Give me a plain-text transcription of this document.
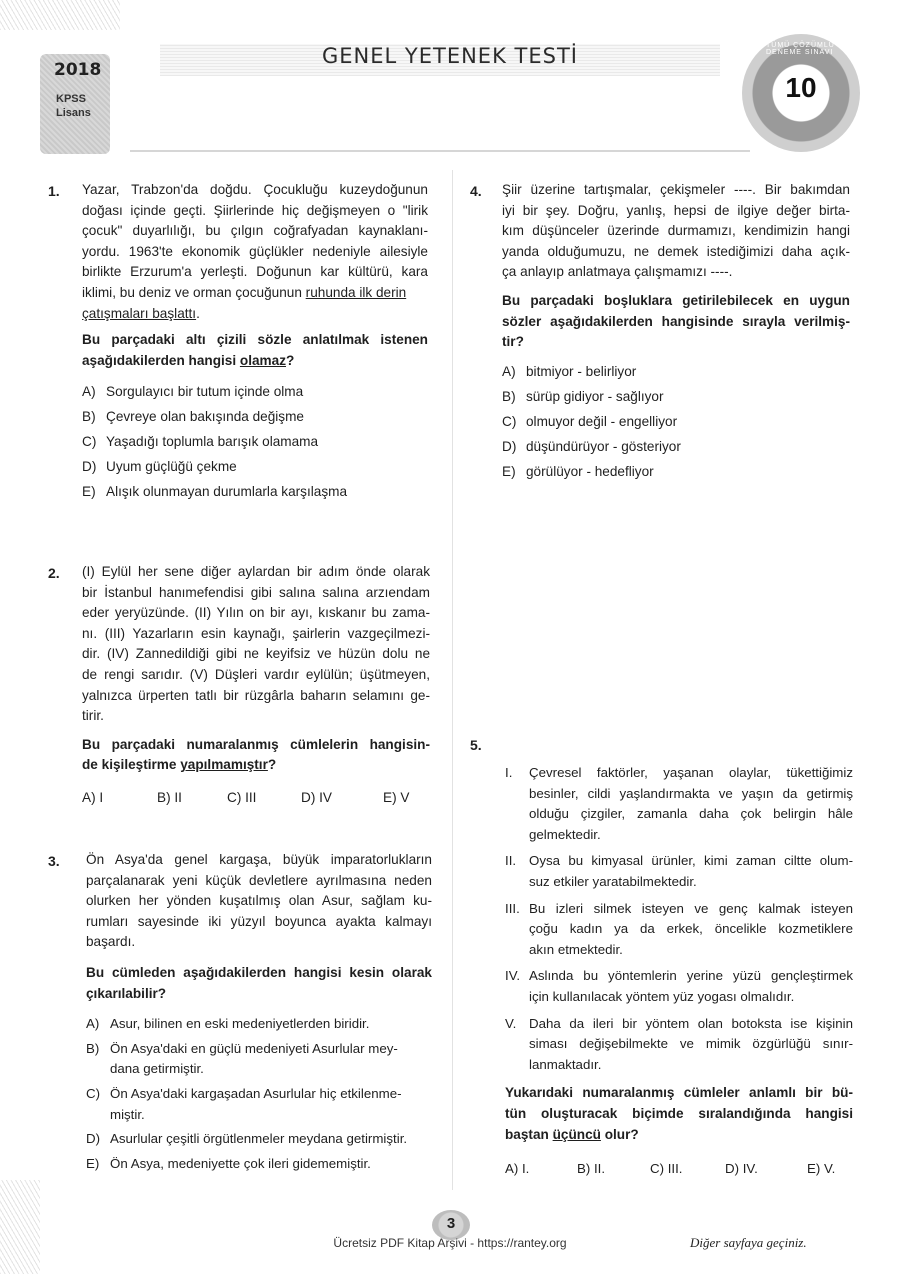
2018
KPSS
Lisans
GENEL YETENEK TESTİ	TÜMÜ ÇÖZÜMLÜ GENEL DENEME SINAVI
10
1. Yazar, Trabzon'da doğdu. Çocukluğu kuzeydoğunun
doğası içinde geçti. Şiirlerinde hiç değişmeyen o "lirik
çocuk" duyarlılığı, bu çılgın coğrafyadan kaynaklanı-
yordu. 1963'te ekonomik güçlükler nedeniyle ailesiyle
birlikte Erzurum'a yerleşti. Doğunun kar kültürü, kara
iklimi, bu deniz ve orman çocuğunun ruhunda ilk derin
çatışmaları başlattı.
Bu parçadaki altı çizili sözle anlatılmak istenen
aşağıdakilerden hangisi olamaz?
A) Sorgulayıcı bir tutum içinde olma
B) Çevreye olan bakışında değişme
C) Yaşadığı toplumla barışık olamama
D) Uyum güçlüğü çekme
E) Alışık olunmayan durumlarla karşılaşma
2. (I) Eylül her sene diğer aylardan bir adım önde olarak
bir İstanbul hanımefendisi gibi salına salına arzıendam
eder yeryüzünde. (II) Yılın on bir ayı, kıskanır bu zama-
nı. (III) Yazarların esin kaynağı, şairlerin vazgeçilmezi-
dir. (IV) Zannedildiği gibi ne keyifsiz ve hüzün dolu ne
de rengi sarıdır. (V) Düşleri vardır eylülün; üşütmeyen,
yalnızca ürperten tatlı bir rüzgârla baharın selamını ge-
tirir.
Bu parçadaki numaralanmış cümlelerin hangisin-
de kişileştirme yapılmamıştır?
A) I	B) II	C) III	D) IV	E) V
3. Ön Asya'da genel kargaşa, büyük imparatorlukların
parçalanarak yeni küçük devletlere ayrılmasına neden
olurken her yönden kuşatılmış olan Asur, sağlam ku-
rumları sayesinde iki yüzyıl boyunca ayakta kalmayı
başardı.
Bu cümleden aşağıdakilerden hangisi kesin olarak
çıkarılabilir?
A) Asur, bilinen en eski medeniyetlerden biridir.
B) Ön Asya'daki en güçlü medeniyeti Asurlular mey-
dana getirmiştir.
C) Ön Asya'daki kargaşadan Asurlular hiç etkilenme-
miştir.
D) Asurlular çeşitli örgütlenmeler meydana getirmiştir.
E) Ön Asya, medeniyette çok ileri gidememiştir.
4. Şiir üzerine tartışmalar, çekişmeler ----. Bir bakımdan
iyi bir şey. Doğru, yanlış, hepsi de ilgiye değer birta-
kım düşünceler üzerinde durmamızı, kendimizin hangi
yanda olduğumuzu, ne demek istediğimizi daha açık-
ça anlayıp anlatmaya çalışmamızı ----.
Bu parçadaki boşluklara getirilebilecek en uygun
sözler aşağıdakilerden hangisinde sırayla verilmiş-
tir?
A) bitmiyor - belirliyor
B) sürüp gidiyor - sağlıyor
C) olmuyor değil - engelliyor
D) düşündürüyor - gösteriyor
E) görülüyor - hedefliyor
5.
I. Çevresel faktörler, yaşanan olaylar, tükettiğimiz
besinler, cildi yaşlandırmakta ve yaşın da getirmiş
olduğu çizgiler, zamanla daha çok belirgin hâle
gelmektedir.
II. Oysa bu kimyasal ürünler, kimi zaman ciltte olum-
suz etkiler yaratabilmektedir.
III. Bu izleri silmek isteyen ve genç kalmak isteyen
çoğu kadın ya da erkek, öncelikle kozmetiklere
akın etmektedir.
IV. Aslında bu yöntemlerin yerine yüzü gençleştirmek
için kullanılacak yöntem yüz yogası olmalıdır.
V. Daha da ileri bir yöntem olan botoksta ise kişinin
siması değişebilmekte ve mimik özgürlüğü sınır-
lanmaktadır.
Yukarıdaki numaralanmış cümleler anlamlı bir bü-
tün oluşturacak biçimde sıralandığında hangisi
baştan üçüncü olur?
A) I.	B) II.	C) III.	D) IV.	E) V.
3
Ücretsiz PDF Kitap Arşivi - https://rantey.org	Diğer sayfaya geçiniz.
